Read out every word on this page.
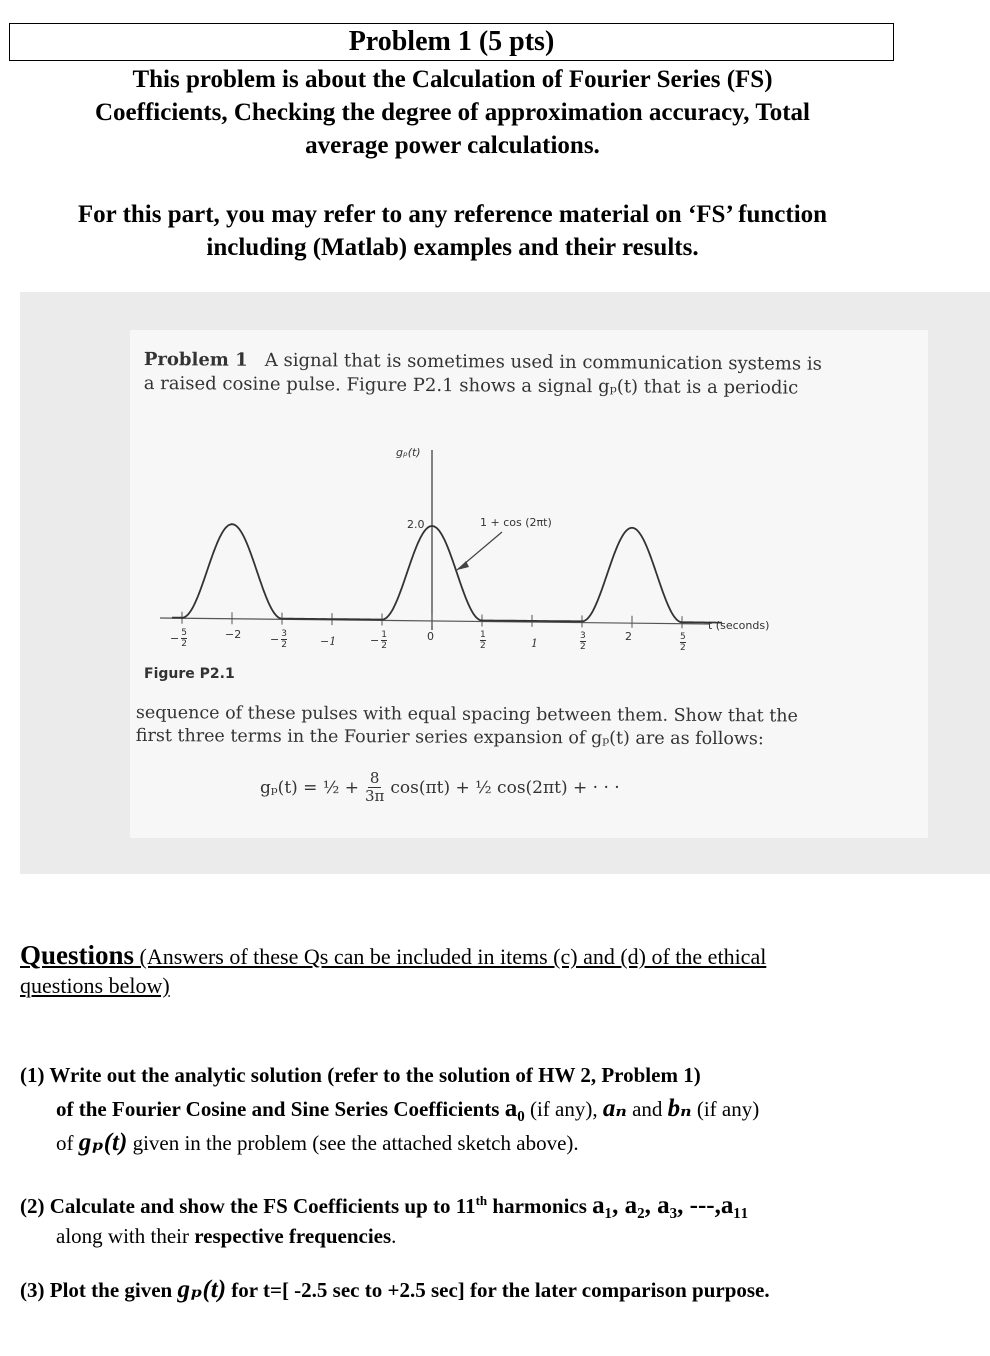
Problem 1 (5 pts)
This problem is about the Calculation of Fourier Series (FS)
Coefficients, Checking the degree of approximation accuracy, Total
average power calculations.
For this part, you may refer to any reference material on ‘FS’ function
including (Matlab) examples and their results.
Problem 1 A signal that is sometimes used in communication systems is
a raised cosine pulse. Figure P2.1 shows a signal gₚ(t) that is a periodic
gₚ(t)
2.0	1 + cos (2πt)
t (seconds)
−2	0	2
−1	1
− $\frac{5}{2}$	− $\frac{3}{2}$	− $\frac{1}{2}$	1
2
3
2
5
2
Figure P2.1
sequence of these pulses with equal spacing between them. Show that the
first three terms in the Fourier series expansion of gₚ(t) are as follows:
gₚ(t) = ½ + $\frac{8}{3\pi} \cos(\pi t)$ + ½ cos(2πt) + · · ·
Questions (Answers of these Qs can be included in items (c) and (d) of the ethical questions below)
(1) Write out the analytic solution (refer to the solution of HW 2, Problem 1)
of the Fourier Cosine and Sine Series Coefficients a₀ (if any), aₙ and bₙ (if any)
of gₚ(t) given in the problem (see the attached sketch above).
(2) Calculate and show the FS Coefficients up to 11th harmonics a₁, a₂, a₃, ---,a₁₁
along with their respective frequencies.
(3) Plot the given gₚ(t) for t=[ -2.5 sec to +2.5 sec] for the later comparison purpose.
